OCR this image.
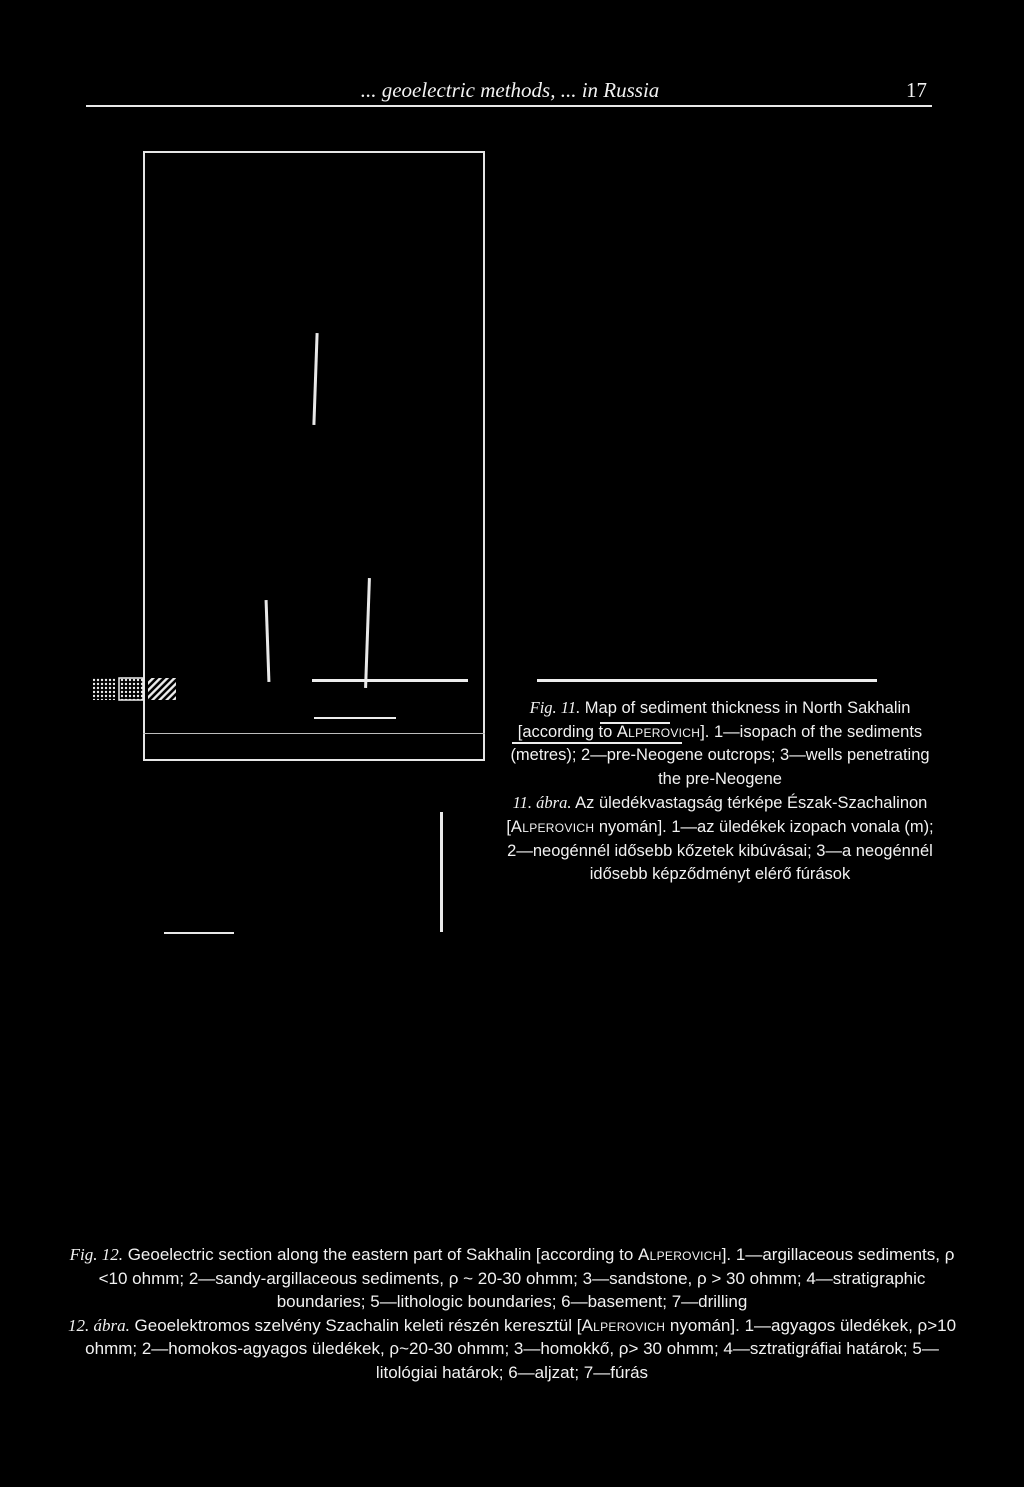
... geoelectric methods, ... in Russia	17
Fig. 11. Map of sediment thickness in North Sakhalin [according to Alperovich]. 1—isopach of the sediments (metres); 2—pre-Neogene outcrops; 3—wells penetrating the pre-Neogene
11. ábra. Az üledékvastagság térképe Észak-Szachalinon [Alperovich nyomán]. 1—az üledékek izopach vonala (m); 2—neogénnél idősebb kőzetek kibúvásai; 3—a neogénnél idősebb képződményt elérő fúrások
Fig. 12. Geoelectric section along the eastern part of Sakhalin [according to Alperovich]. 1—argillaceous sediments, ρ <10 ohmm; 2—sandy-argillaceous sediments, ρ ~ 20-30 ohmm; 3—sandstone, ρ > 30 ohmm; 4—stratigraphic boundaries; 5—lithologic boundaries; 6—basement; 7—drilling
12. ábra. Geoelektromos szelvény Szachalin keleti részén keresztül [Alperovich nyomán]. 1—agyagos üledékek, ρ>10 ohmm; 2—homokos-agyagos üledékek, ρ~20-30 ohmm; 3—homokkő, ρ> 30 ohmm; 4—sztratigráfiai határok; 5—litológiai határok; 6—aljzat; 7—fúrás
